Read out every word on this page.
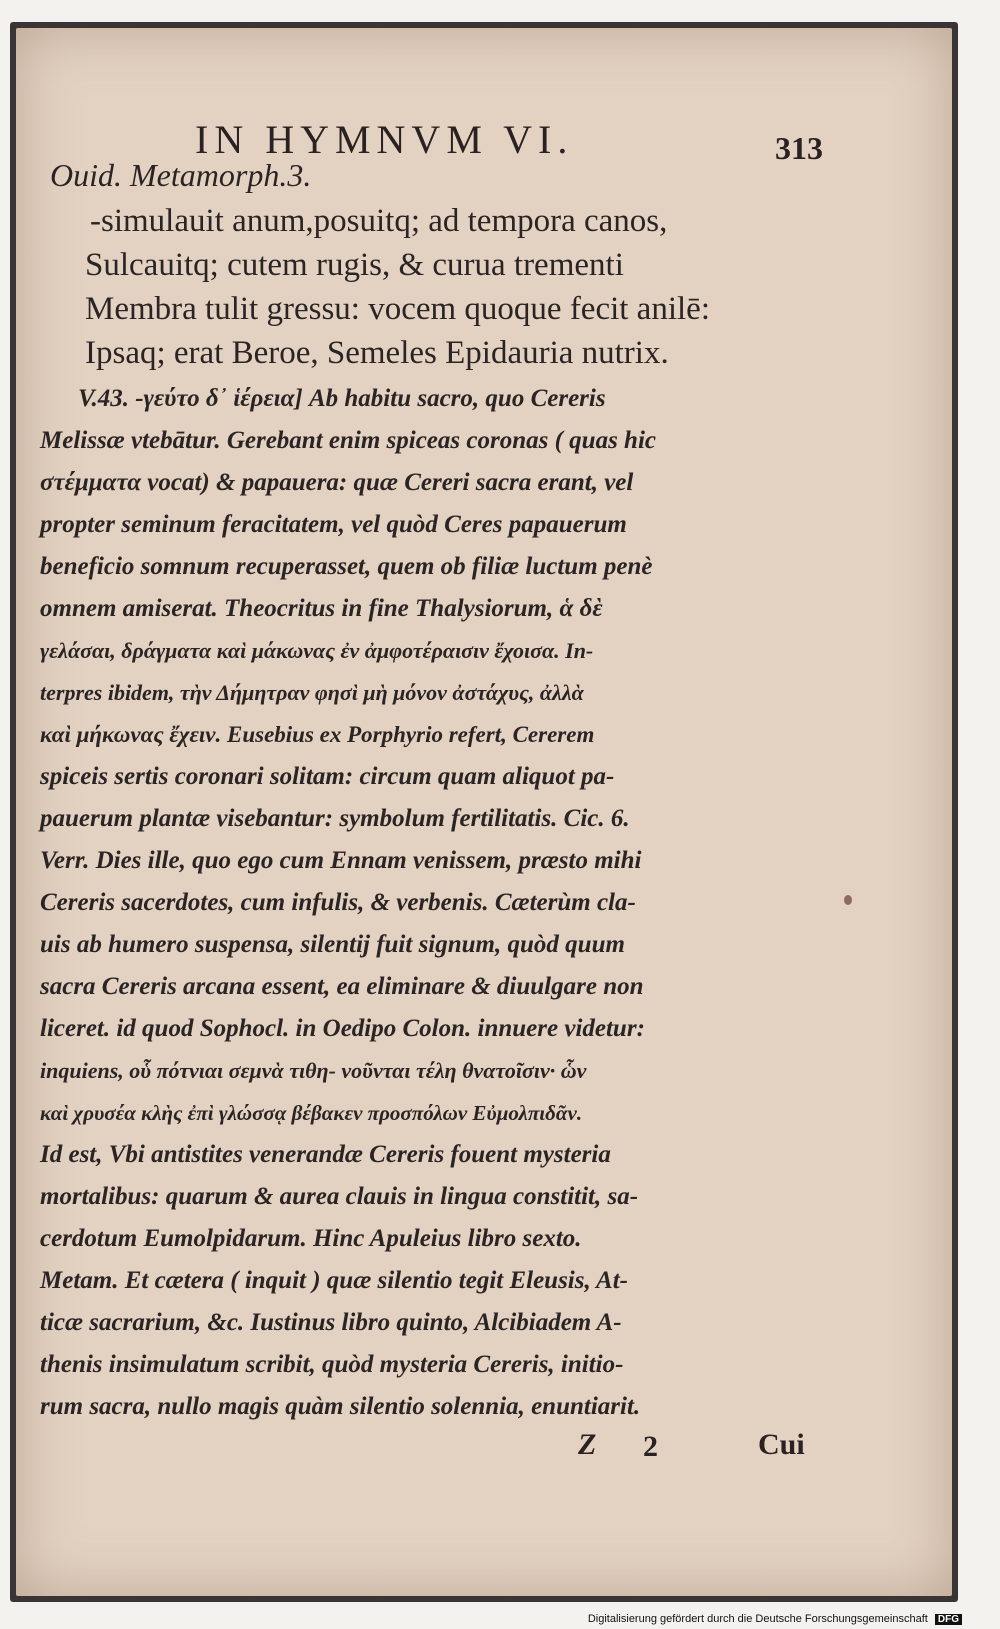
IN HYMNVM VI.	313
Ouid. Metamorph.3.
-simulauit anum,posuitq; ad tempora canos,
Sulcauitq; cutem rugis, & curua trementi
Membra tulit gressu: vocem quoque fecit anilē:
Ipsaq; erat Beroe, Semeles Epidauria nutrix.
V.43. -γεύτο δ᾽ ἱέρεια] Ab habitu sacro, quo Cereris
Melissæ vtebātur. Gerebant enim spiceas coronas ( quas hic
στέμματα vocat) & papauera: quæ Cereri sacra erant, vel
propter seminum feracitatem, vel quòd Ceres papauerum
beneficio somnum recuperasset, quem ob filiæ luctum penè
omnem amiserat. Theocritus in fine Thalysiorum, ἁ δὲ
γελάσαι, δράγματα καὶ μάκωνας ἐν ἀμφοτέραισιν ἔχοισα. In-
terpres ibidem, τὴν Δήμητραν φησὶ μὴ μόνον ἀστάχυς, ἀλλὰ
καὶ μήκωνας ἔχειν. Eusebius ex Porphyrio refert, Cererem
spiceis sertis coronari solitam: circum quam aliquot pa-
pauerum plantæ visebantur: symbolum fertilitatis. Cic. 6.
Verr. Dies ille, quo ego cum Ennam venissem, præsto mihi
Cereris sacerdotes, cum infulis, & verbenis. Cæterùm cla-
uis ab humero suspensa, silentij fuit signum, quòd quum
sacra Cereris arcana essent, ea eliminare & diuulgare non
liceret. id quod Sophocl. in Oedipo Colon. innuere videtur:
inquiens, οὗ πότνιαι σεμνὰ τιθη- νοῦνται τέλη θνατοῖσιν· ὧν
καὶ χρυσέα κλὴς ἐπὶ γλώσσᾳ βέβακεν προσπόλων Εὐμολπιδᾶν.
Id est, Vbi antistites venerandæ Cereris fouent mysteria
mortalibus: quarum & aurea clauis in lingua constitit, sa-
cerdotum Eumolpidarum. Hinc Apuleius libro sexto.
Metam. Et cætera ( inquit ) quæ silentio tegit Eleusis, At-
ticæ sacrarium, &c. Iustinus libro quinto, Alcibiadem A-
thenis insimulatum scribit, quòd mysteria Cereris, initio-
rum sacra, nullo magis quàm silentio solennia, enuntiarit.
Z 2	Cui
Digitalisierung gefördert durch die Deutsche Forschungsgemeinschaft DFG
